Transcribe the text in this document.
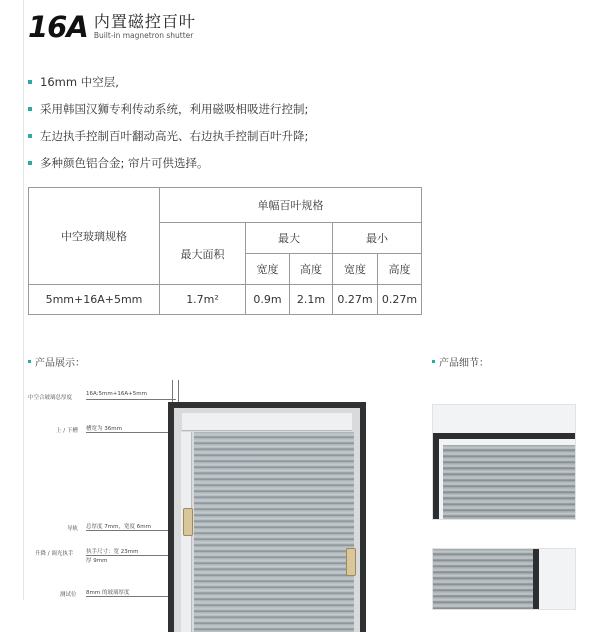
16A 内置磁控百叶
Built-in magnetron shutter
16mm 中空层,
采用韩国汉狮专利传动系统，利用磁吸相吸进行控制;
左边执手控制百叶翻动高光、右边执手控制百叶升降;
多种颜色铝合金; 帘片可供选择。
中空玻璃规格	单幅百叶规格				
	最大面积	最大		最小	
		宽度	高度	宽度	高度
5mm+16A+5mm	1.7m²	0.9m	2.1m	0.27m	0.27m
产品展示：	产品细节：
中空合玻璃总厚度
16A:5mm+16A+5mm
上 / 下槽 槽宽为 36mm
导轨 总厚度 7mm，宽度 6mm
升降 / 调光执手 执手尺寸：宽 23mm
厚 9mm
测试位 8mm 的玻璃厚度
